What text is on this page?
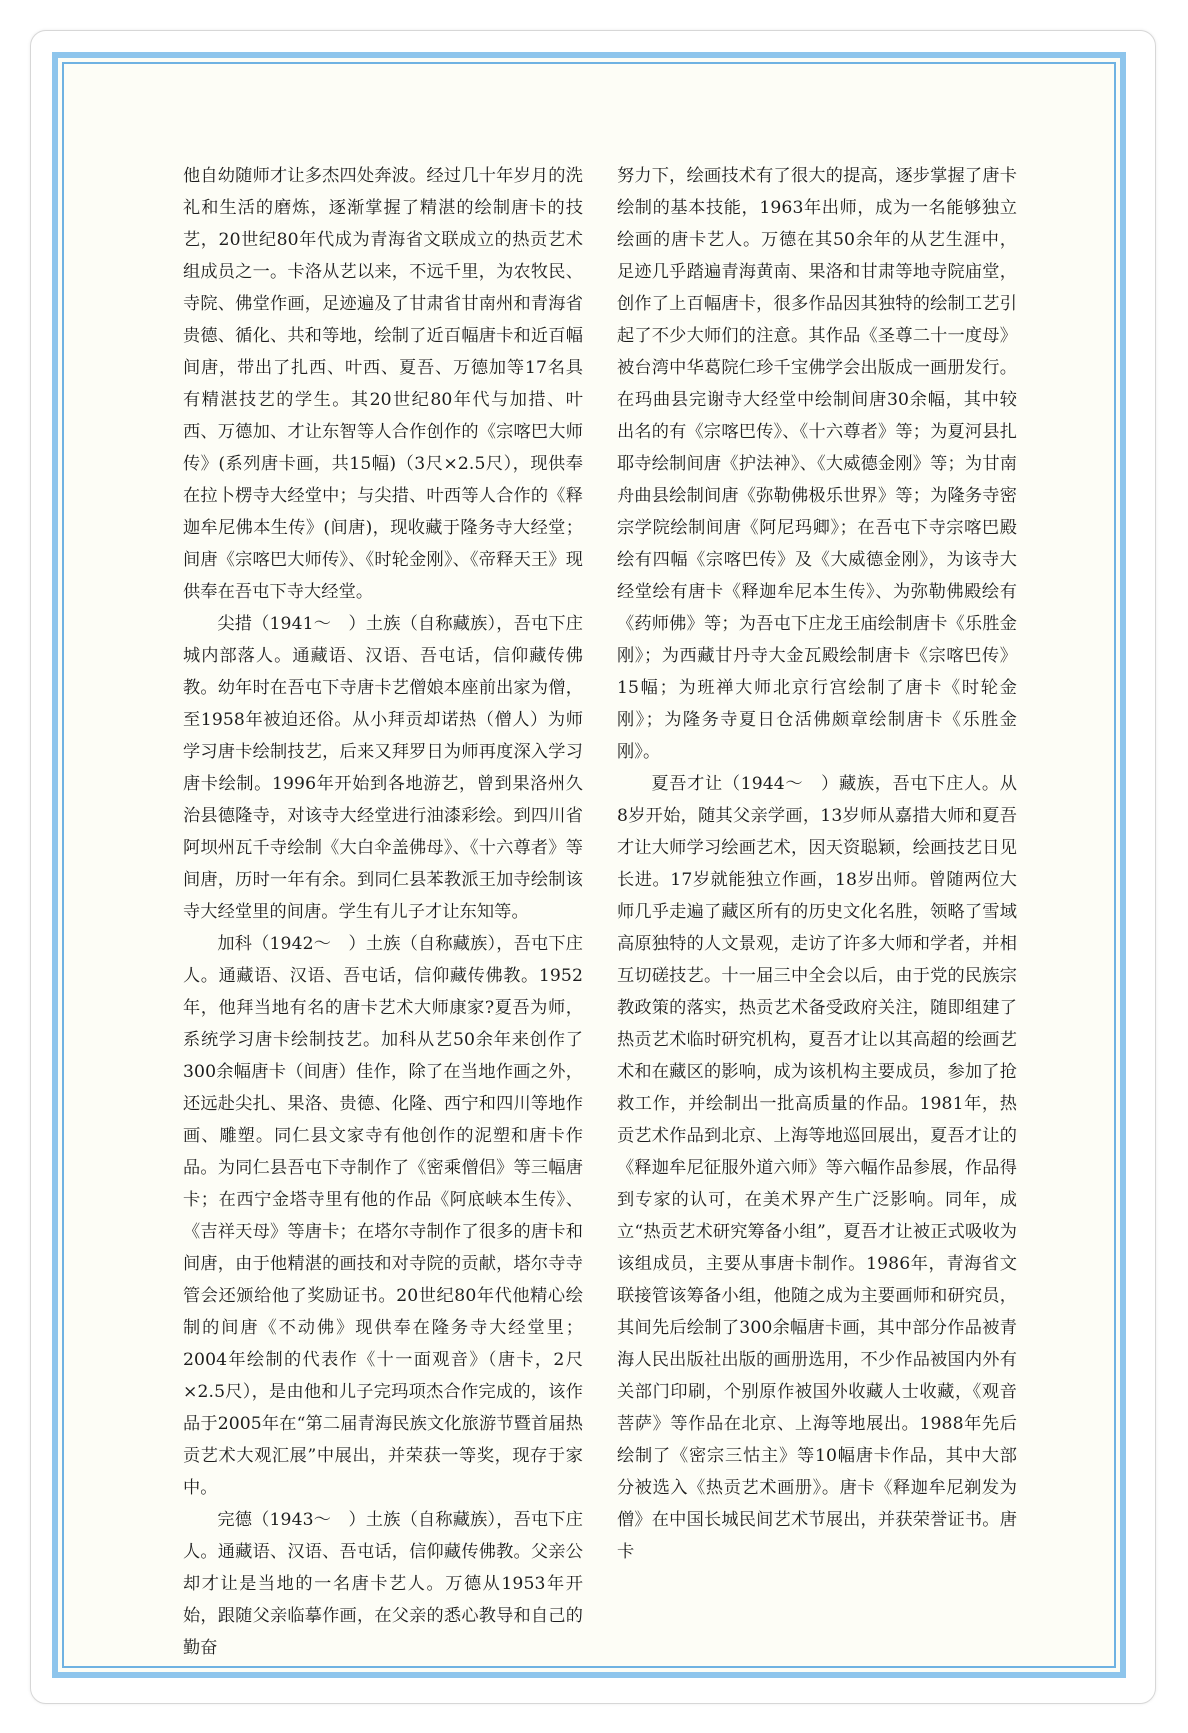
他自幼随师才让多杰四处奔波。经过几十年岁月的洗礼和生活的磨炼，逐渐掌握了精湛的绘制唐卡的技艺，20世纪80年代成为青海省文联成立的热贡艺术组成员之一。卡洛从艺以来，不远千里，为农牧民、寺院、佛堂作画，足迹遍及了甘肃省甘南州和青海省贵德、循化、共和等地，绘制了近百幅唐卡和近百幅间唐，带出了扎西、叶西、夏吾、万德加等17名具有精湛技艺的学生。其20世纪80年代与加措、叶西、万德加、才让东智等人合作创作的《宗喀巴大师传》(系列唐卡画，共15幅)（3尺×2.5尺），现供奉在拉卜楞寺大经堂中；与尖措、叶西等人合作的《释迦牟尼佛本生传》(间唐)，现收藏于隆务寺大经堂；间唐《宗喀巴大师传》、《时轮金刚》、《帝释天王》现供奉在吾屯下寺大经堂。

尖措（1941～　）土族（自称藏族），吾屯下庄城内部落人。通藏语、汉语、吾屯话，信仰藏传佛教。幼年时在吾屯下寺唐卡艺僧娘本座前出家为僧，至1958年被迫还俗。从小拜贡却诺热（僧人）为师学习唐卡绘制技艺，后来又拜罗日为师再度深入学习唐卡绘制。1996年开始到各地游艺，曾到果洛州久治县德隆寺，对该寺大经堂进行油漆彩绘。到四川省阿坝州瓦千寺绘制《大白伞盖佛母》、《十六尊者》等间唐，历时一年有余。到同仁县苯教派王加寺绘制该寺大经堂里的间唐。学生有儿子才让东知等。

加科（1942～　）土族（自称藏族），吾屯下庄人。通藏语、汉语、吾屯话，信仰藏传佛教。1952年，他拜当地有名的唐卡艺术大师康家?夏吾为师，系统学习唐卡绘制技艺。加科从艺50余年来创作了300余幅唐卡（间唐）佳作，除了在当地作画之外，还远赴尖扎、果洛、贵德、化隆、西宁和四川等地作画、雕塑。同仁县文家寺有他创作的泥塑和唐卡作品。为同仁县吾屯下寺制作了《密乘僧侣》等三幅唐卡；在西宁金塔寺里有他的作品《阿底峡本生传》、《吉祥天母》等唐卡；在塔尔寺制作了很多的唐卡和间唐，由于他精湛的画技和对寺院的贡献，塔尔寺寺管会还颁给他了奖励证书。20世纪80年代他精心绘制的间唐《不动佛》现供奉在隆务寺大经堂里；2004年绘制的代表作《十一面观音》（唐卡，2尺×2.5尺），是由他和儿子完玛项杰合作完成的，该作品于2005年在“第二届青海民族文化旅游节暨首届热贡艺术大观汇展”中展出，并荣获一等奖，现存于家中。

完德（1943～　）土族（自称藏族），吾屯下庄人。通藏语、汉语、吾屯话，信仰藏传佛教。父亲公却才让是当地的一名唐卡艺人。万德从1953年开始，跟随父亲临摹作画，在父亲的悉心教导和自己的勤奋

努力下，绘画技术有了很大的提高，逐步掌握了唐卡绘制的基本技能，1963年出师，成为一名能够独立绘画的唐卡艺人。万德在其50余年的从艺生涯中，足迹几乎踏遍青海黄南、果洛和甘肃等地寺院庙堂，创作了上百幅唐卡，很多作品因其独特的绘制工艺引起了不少大师们的注意。其作品《圣尊二十一度母》被台湾中华葛院仁珍千宝佛学会出版成一画册发行。在玛曲县完谢寺大经堂中绘制间唐30余幅，其中较出名的有《宗喀巴传》、《十六尊者》等；为夏河县扎耶寺绘制间唐《护法神》、《大威德金刚》等；为甘南舟曲县绘制间唐《弥勒佛极乐世界》等；为隆务寺密宗学院绘制间唐《阿尼玛卿》；在吾屯下寺宗喀巴殿绘有四幅《宗喀巴传》及《大威德金刚》，为该寺大经堂绘有唐卡《释迦牟尼本生传》、为弥勒佛殿绘有《药师佛》等；为吾屯下庄龙王庙绘制唐卡《乐胜金刚》；为西藏甘丹寺大金瓦殿绘制唐卡《宗喀巴传》15幅；为班禅大师北京行宫绘制了唐卡《时轮金刚》；为隆务寺夏日仓活佛颇章绘制唐卡《乐胜金刚》。

夏吾才让（1944～　）藏族，吾屯下庄人。从8岁开始，随其父亲学画，13岁师从嘉措大师和夏吾才让大师学习绘画艺术，因天资聪颖，绘画技艺日见长进。17岁就能独立作画，18岁出师。曾随两位大师几乎走遍了藏区所有的历史文化名胜，领略了雪域高原独特的人文景观，走访了许多大师和学者，并相互切磋技艺。十一届三中全会以后，由于党的民族宗教政策的落实，热贡艺术备受政府关注，随即组建了热贡艺术临时研究机构，夏吾才让以其高超的绘画艺术和在藏区的影响，成为该机构主要成员，参加了抢救工作，并绘制出一批高质量的作品。1981年，热贡艺术作品到北京、上海等地巡回展出，夏吾才让的《释迦牟尼征服外道六师》等六幅作品参展，作品得到专家的认可，在美术界产生广泛影响。同年，成立“热贡艺术研究筹备小组”，夏吾才让被正式吸收为该组成员，主要从事唐卡制作。1986年，青海省文联接管该筹备小组，他随之成为主要画师和研究员，其间先后绘制了300余幅唐卡画，其中部分作品被青海人民出版社出版的画册选用，不少作品被国内外有关部门印刷，个别原作被国外收藏人士收藏，《观音菩萨》等作品在北京、上海等地展出。1988年先后绘制了《密宗三怙主》等10幅唐卡作品，其中大部分被选入《热贡艺术画册》。唐卡《释迦牟尼剃发为僧》在中国长城民间艺术节展出，并获荣誉证书。唐卡
